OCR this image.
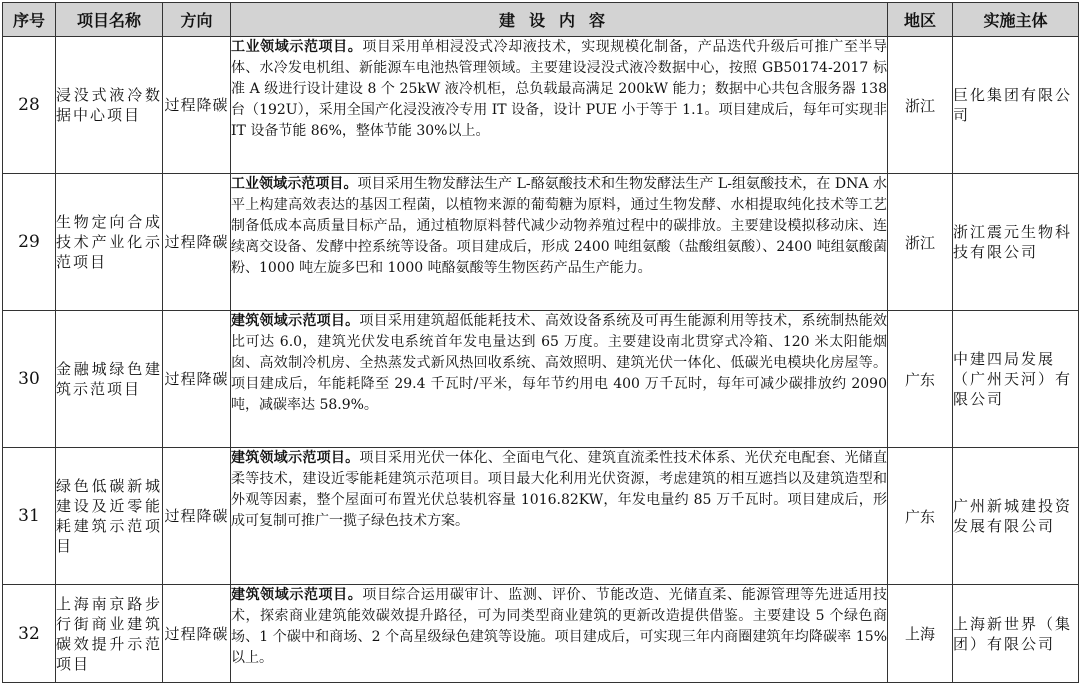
序号	项目名称	方向	建设内容	地区	实施主体
28	浸没式液冷数据中心项目	过程降碳	工业领域示范项目。项目采用单相浸没式冷却液技术，实现规模化制备，产品迭代升级后可推广至半导体、水冷发电机组、新能源车电池热管理领域。主要建设浸没式液冷数据中心，按照 GB50174-2017 标准 A 级进行设计建设 8 个 25kW 液冷机柜，总负载最高满足 200kW 能力；数据中心共包含服务器 138 台（192U），采用全国产化浸没液冷专用 IT 设备，设计 PUE 小于等于 1.1。项目建成后，每年可实现非 IT 设备节能 86%，整体节能 30%以上。	浙江	巨化集团有限公司
29	生物定向合成技术产业化示范项目	过程降碳	工业领域示范项目。项目采用生物发酵法生产 L-酪氨酸技术和生物发酵法生产 L-组氨酸技术，在 DNA 水平上构建高效表达的基因工程菌，以植物来源的葡萄糖为原料，通过生物发酵、水相提取纯化技术等工艺制备低成本高质量目标产品，通过植物原料替代减少动物养殖过程中的碳排放。主要建设模拟移动床、连续离交设备、发酵中控系统等设备。项目建成后，形成 2400 吨组氨酸（盐酸组氨酸）、2400 吨组氨酸菌粉、1000 吨左旋多巴和 1000 吨酪氨酸等生物医药产品生产能力。	浙江	浙江震元生物科技有限公司
30	金融城绿色建筑示范项目	过程降碳	建筑领域示范项目。项目采用建筑超低能耗技术、高效设备系统及可再生能源利用等技术，系统制热能效比可达 6.0，建筑光伏发电系统首年发电量达到 65 万度。主要建设南北贯穿式冷箱、120 米太阳能烟囱、高效制冷机房、全热蒸发式新风热回收系统、高效照明、建筑光伏一体化、低碳光电模块化房屋等。项目建成后，年能耗降至 29.4 千瓦时/平米，每年节约用电 400 万千瓦时，每年可减少碳排放约 2090 吨，减碳率达 58.9%。	广东	中建四局发展（广州天河）有限公司
31	绿色低碳新城建设及近零能耗建筑示范项目	过程降碳	建筑领域示范项目。项目采用光伏一体化、全面电气化、建筑直流柔性技术体系、光伏充电配套、光储直柔等技术，建设近零能耗建筑示范项目。项目最大化利用光伏资源，考虑建筑的相互遮挡以及建筑造型和外观等因素，整个屋面可布置光伏总装机容量 1016.82KW，年发电量约 85 万千瓦时。项目建成后，形成可复制可推广一揽子绿色技术方案。	广东	广州新城建投资发展有限公司
32	上海南京路步行街商业建筑碳效提升示范项目	过程降碳	建筑领域示范项目。项目综合运用碳审计、监测、评价、节能改造、光储直柔、能源管理等先进适用技术，探索商业建筑能效碳效提升路径，可为同类型商业建筑的更新改造提供借鉴。主要建设 5 个绿色商场、1 个碳中和商场、2 个高星级绿色建筑等设施。项目建成后，可实现三年内商圈建筑年均降碳率 15%以上。	上海	上海新世界（集团）有限公司
